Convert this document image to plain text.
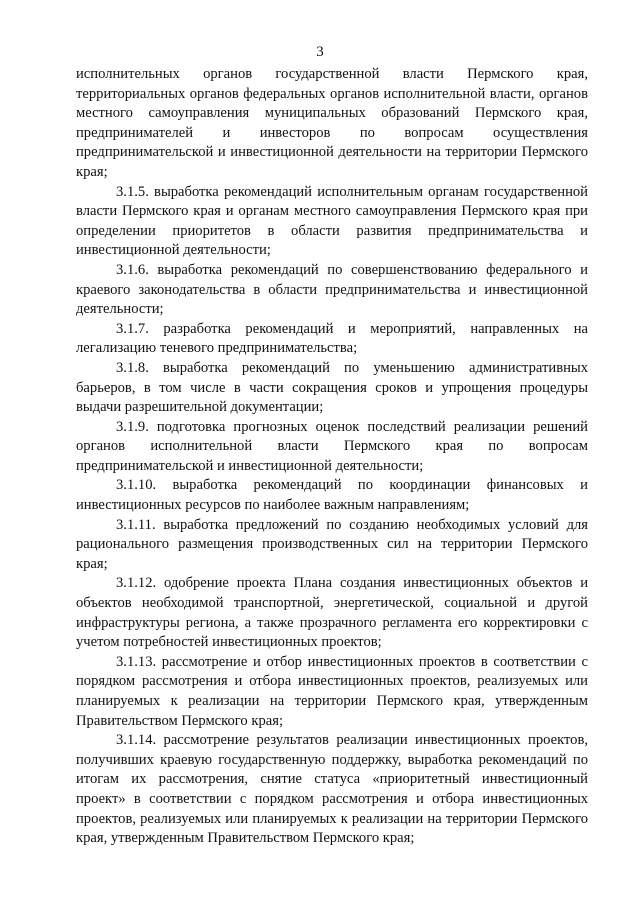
3

исполнительных органов государственной власти Пермского края, территориальных органов федеральных органов исполнительной власти, органов местного самоуправления муниципальных образований Пермского края, предпринимателей и инвесторов по вопросам осуществления предпринимательской и инвестиционной деятельности на территории Пермского края;

3.1.5. выработка рекомендаций исполнительным органам государственной власти Пермского края и органам местного самоуправления Пермского края при определении приоритетов в области развития предпринимательства и инвестиционной деятельности;

3.1.6. выработка рекомендаций по совершенствованию федерального и краевого законодательства в области предпринимательства и инвестиционной деятельности;

3.1.7. разработка рекомендаций и мероприятий, направленных на легализацию теневого предпринимательства;

3.1.8. выработка рекомендаций по уменьшению административных барьеров, в том числе в части сокращения сроков и упрощения процедуры выдачи разрешительной документации;

3.1.9. подготовка прогнозных оценок последствий реализации решений органов исполнительной власти Пермского края по вопросам предпринимательской и инвестиционной деятельности;

3.1.10. выработка рекомендаций по координации финансовых и инвестиционных ресурсов по наиболее важным направлениям;

3.1.11. выработка предложений по созданию необходимых условий для рационального размещения производственных сил на территории Пермского края;

3.1.12. одобрение проекта Плана создания инвестиционных объектов и объектов необходимой транспортной, энергетической, социальной и другой инфраструктуры региона, а также прозрачного регламента его корректировки с учетом потребностей инвестиционных проектов;

3.1.13. рассмотрение и отбор инвестиционных проектов в соответствии с порядком рассмотрения и отбора инвестиционных проектов, реализуемых или планируемых к реализации на территории Пермского края, утвержденным Правительством Пермского края;

3.1.14. рассмотрение результатов реализации инвестиционных проектов, получивших краевую государственную поддержку, выработка рекомендаций по итогам их рассмотрения, снятие статуса «приоритетный инвестиционный проект» в соответствии с порядком рассмотрения и отбора инвестиционных проектов, реализуемых или планируемых к реализации на территории Пермского края, утвержденным Правительством Пермского края;
